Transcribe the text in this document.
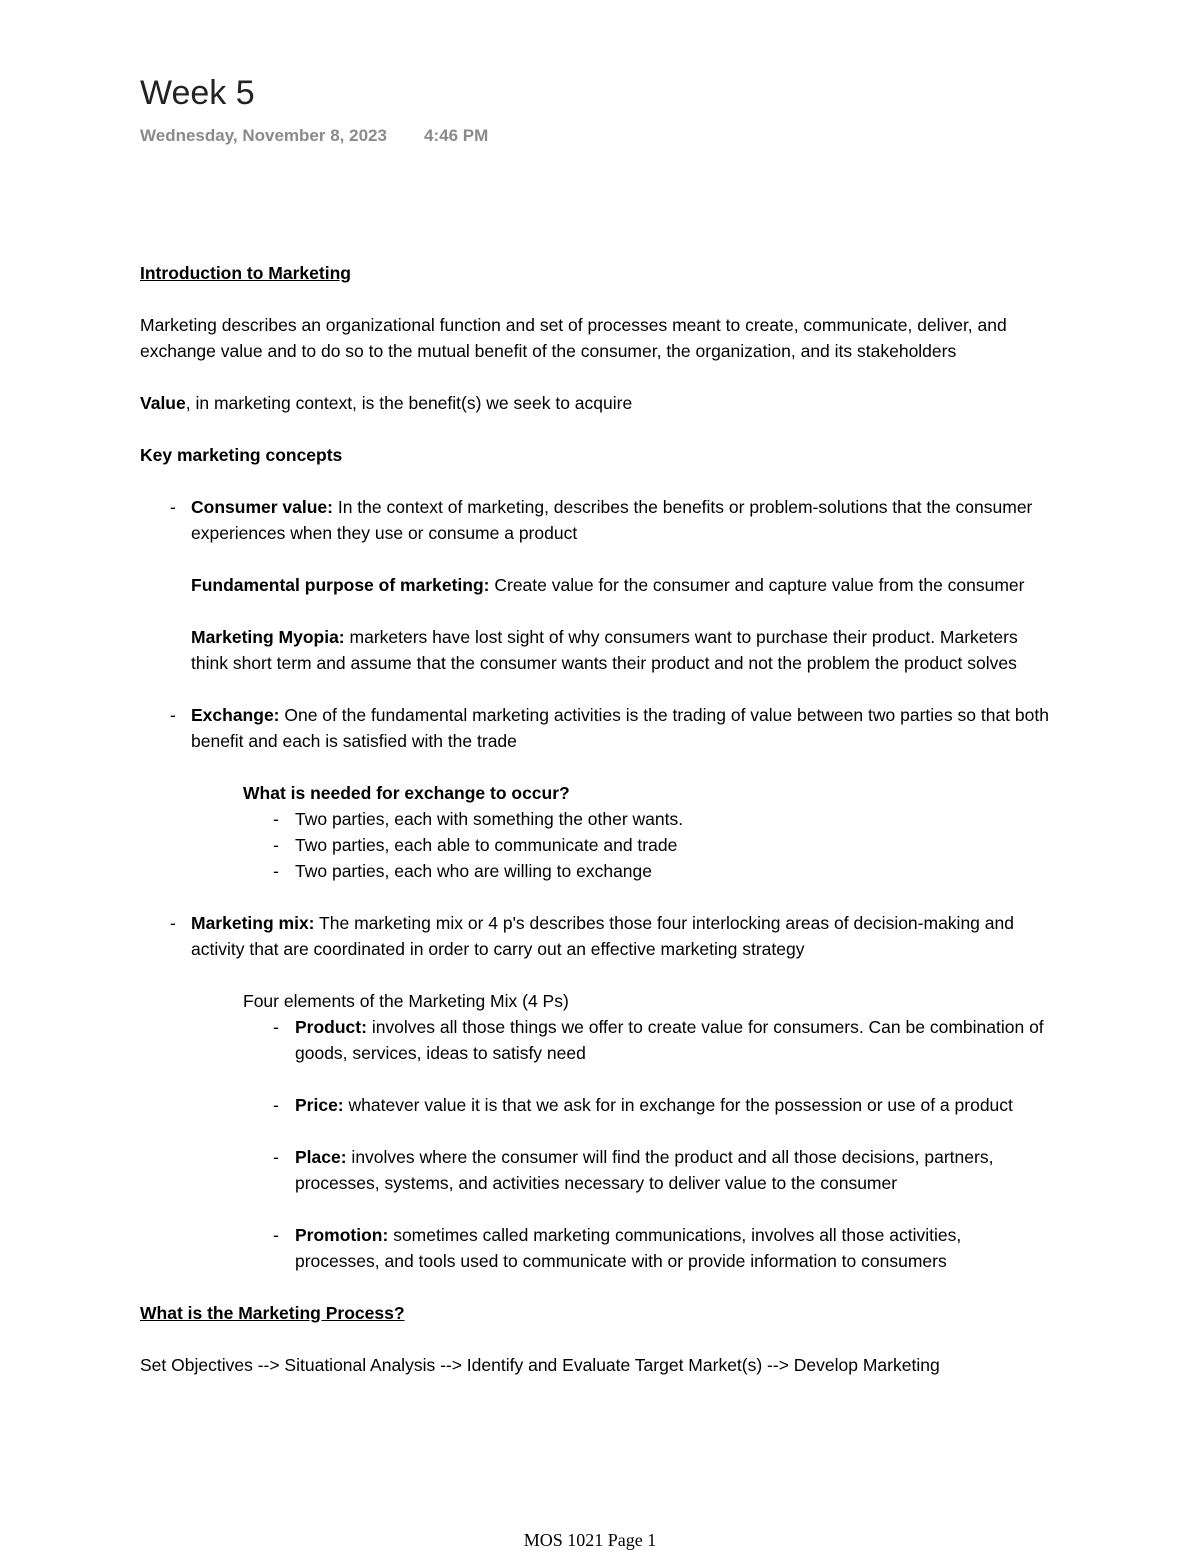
Week 5
Wednesday, November 8, 2023 4:46 PM

Introduction to Marketing

Marketing describes an organizational function and set of processes meant to create, communicate, deliver, and exchange value and to do so to the mutual benefit of the consumer, the organization, and its stakeholders

Value, in marketing context, is the benefit(s) we seek to acquire

Key marketing concepts

- Consumer value: In the context of marketing, describes the benefits or problem-solutions that the consumer experiences when they use or consume a product

Fundamental purpose of marketing: Create value for the consumer and capture value from the consumer

Marketing Myopia: marketers have lost sight of why consumers want to purchase their product. Marketers think short term and assume that the consumer wants their product and not the problem the product solves

- Exchange: One of the fundamental marketing activities is the trading of value between two parties so that both benefit and each is satisfied with the trade

What is needed for exchange to occur?

- Two parties, each with something the other wants.

- Two parties, each able to communicate and trade

- Two parties, each who are willing to exchange

- Marketing mix: The marketing mix or 4 p's describes those four interlocking areas of decision-making and activity that are coordinated in order to carry out an effective marketing strategy

Four elements of the Marketing Mix (4 Ps)

- Product: involves all those things we offer to create value for consumers. Can be combination of goods, services, ideas to satisfy need

- Price: whatever value it is that we ask for in exchange for the possession or use of a product

- Place: involves where the consumer will find the product and all those decisions, partners, processes, systems, and activities necessary to deliver value to the consumer

- Promotion: sometimes called marketing communications, involves all those activities, processes, and tools used to communicate with or provide information to consumers

What is the Marketing Process?

Set Objectives --> Situational Analysis --> Identify and Evaluate Target Market(s) --> Develop Marketing

MOS 1021 Page 1
